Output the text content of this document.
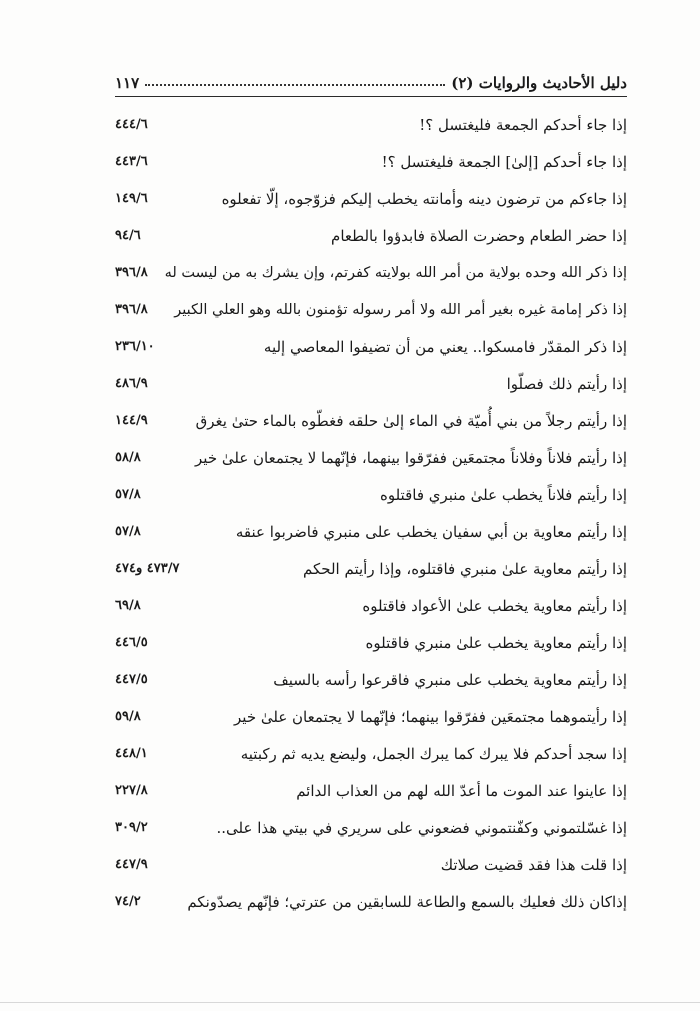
دليل الأحاديث والروايات (٢)
١١٧
إذا جاء أحدكم الجمعة فليغتسل ؟!
٤٤٤/٦
إذا جاء أحدكم [إلىٰ] الجمعة فليغتسل ؟!
٤٤٣/٦
إذا جاءكم من ترضون دينه وأمانته يخطب إليكم فزوّجوه، إلّا تفعلوه
١٤٩/٦
إذا حضر الطعام وحضرت الصلاة فابدؤوا بالطعام
٩٤/٦
إذا ذكر الله وحده بولاية من أمر الله بولايته كفرتم، وإن يشرك به من ليست له
٣٩٦/٨
إذا ذكر إمامة غيره بغير أمر الله ولا أمر رسوله تؤمنون بالله وهو العلي الكبير
٣٩٦/٨
إذا ذكر المقدّر فامسكوا.. يعني من أن تضيفوا المعاصي إليه
٢٣٦/١٠
إذا رأيتم ذلك فصلّوا
٤٨٦/٩
إذا رأيتم رجلاً من بني أُميّة في الماء إلىٰ حلقه فغطّوه بالماء حتىٰ يغرق
١٤٤/٩
إذا رأيتم فلاناً وفلاناً مجتمعَين ففرّقوا بينهما، فإنّهما لا يجتمعان علىٰ خير
٥٨/٨
إذا رأيتم فلاناً يخطب علىٰ منبري فاقتلوه
٥٧/٨
إذا رأيتم معاوية بن أبي سفيان يخطب على منبري فاضربوا عنقه
٥٧/٨
إذا رأيتم معاوية علىٰ منبري فاقتلوه، وإذا رأيتم الحكم
٤٧٣/٧ و٤٧٤
إذا رأيتم معاوية يخطب علىٰ الأعواد فاقتلوه
٦٩/٨
إذا رأيتم معاوية يخطب علىٰ منبري فاقتلوه
٤٤٦/٥
إذا رأيتم معاوية يخطب على منبري فاقرعوا رأسه بالسيف
٤٤٧/٥
إذا رأيتموهما مجتمعَين ففرّقوا بينهما؛ فإنّهما لا يجتمعان علىٰ خير
٥٩/٨
إذا سجد أحدكم فلا يبرك كما يبرك الجمل، وليضع يديه ثم ركبتيه
٤٤٨/١
إذا عاينوا عند الموت ما أعدّ الله لهم من العذاب الدائم
٢٢٧/٨
إذا غسّلتموني وكفّنتموني فضعوني على سريري في بيتي هذا على..
٣٠٩/٢
إذا قلت هذا فقد قضيت صلاتك
٤٤٧/٩
إذاكان ذلك فعليك بالسمع والطاعة للسابقين من عترتي؛ فإنّهم يصدّونكم
٧٤/٢
